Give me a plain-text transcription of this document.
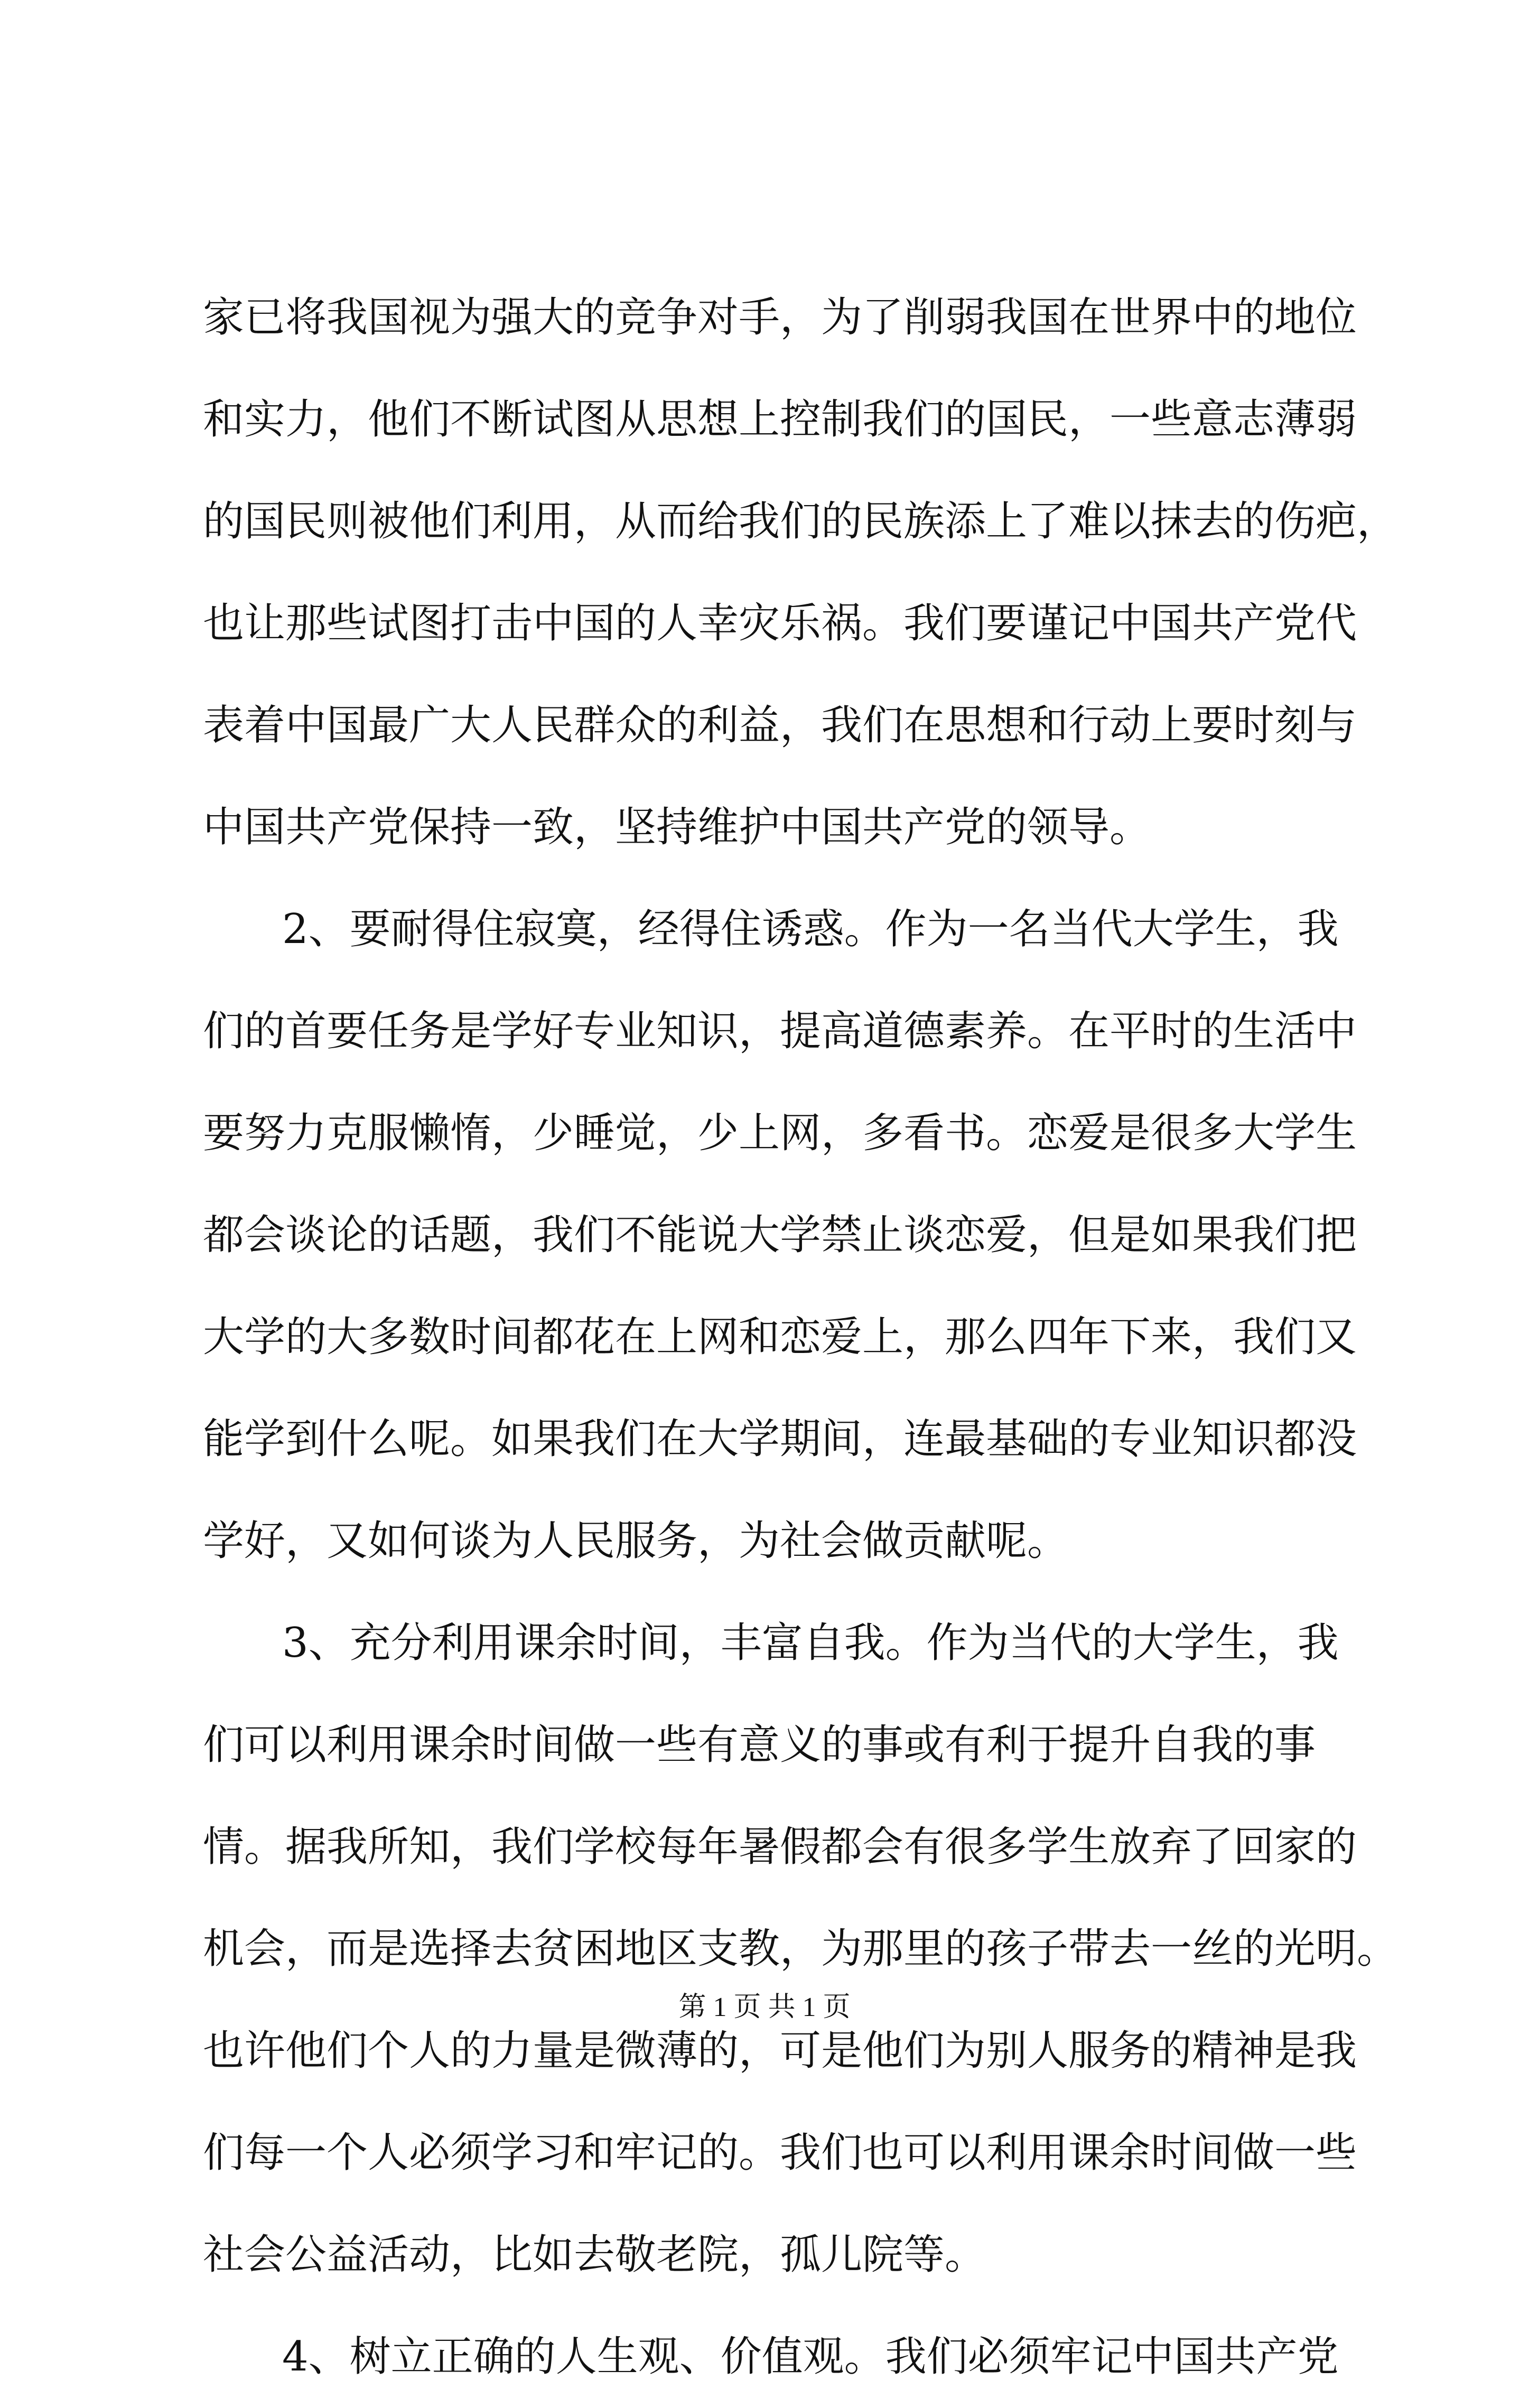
家已将我国视为强大的竞争对手，为了削弱我国在世界中的地位
和实力，他们不断试图从思想上控制我们的国民，一些意志薄弱
的国民则被他们利用，从而给我们的民族添上了难以抹去的伤疤，
也让那些试图打击中国的人幸灾乐祸。我们要谨记中国共产党代
表着中国最广大人民群众的利益，我们在思想和行动上要时刻与
中国共产党保持一致，坚持维护中国共产党的领导。
2、要耐得住寂寞，经得住诱惑。作为一名当代大学生，我
们的首要任务是学好专业知识，提高道德素养。在平时的生活中
要努力克服懒惰，少睡觉，少上网，多看书。恋爱是很多大学生
都会谈论的话题，我们不能说大学禁止谈恋爱，但是如果我们把
大学的大多数时间都花在上网和恋爱上，那么四年下来，我们又
能学到什么呢。如果我们在大学期间，连最基础的专业知识都没
学好，又如何谈为人民服务，为社会做贡献呢。
3、充分利用课余时间，丰富自我。作为当代的大学生，我
们可以利用课余时间做一些有意义的事或有利于提升自我的事
情。据我所知，我们学校每年暑假都会有很多学生放弃了回家的
机会，而是选择去贫困地区支教，为那里的孩子带去一丝的光明。
也许他们个人的力量是微薄的，可是他们为别人服务的精神是我
们每一个人必须学习和牢记的。我们也可以利用课余时间做一些
社会公益活动，比如去敬老院，孤儿院等。
4、树立正确的人生观、价值观。我们必须牢记中国共产党
第 1 页 共 1 页
